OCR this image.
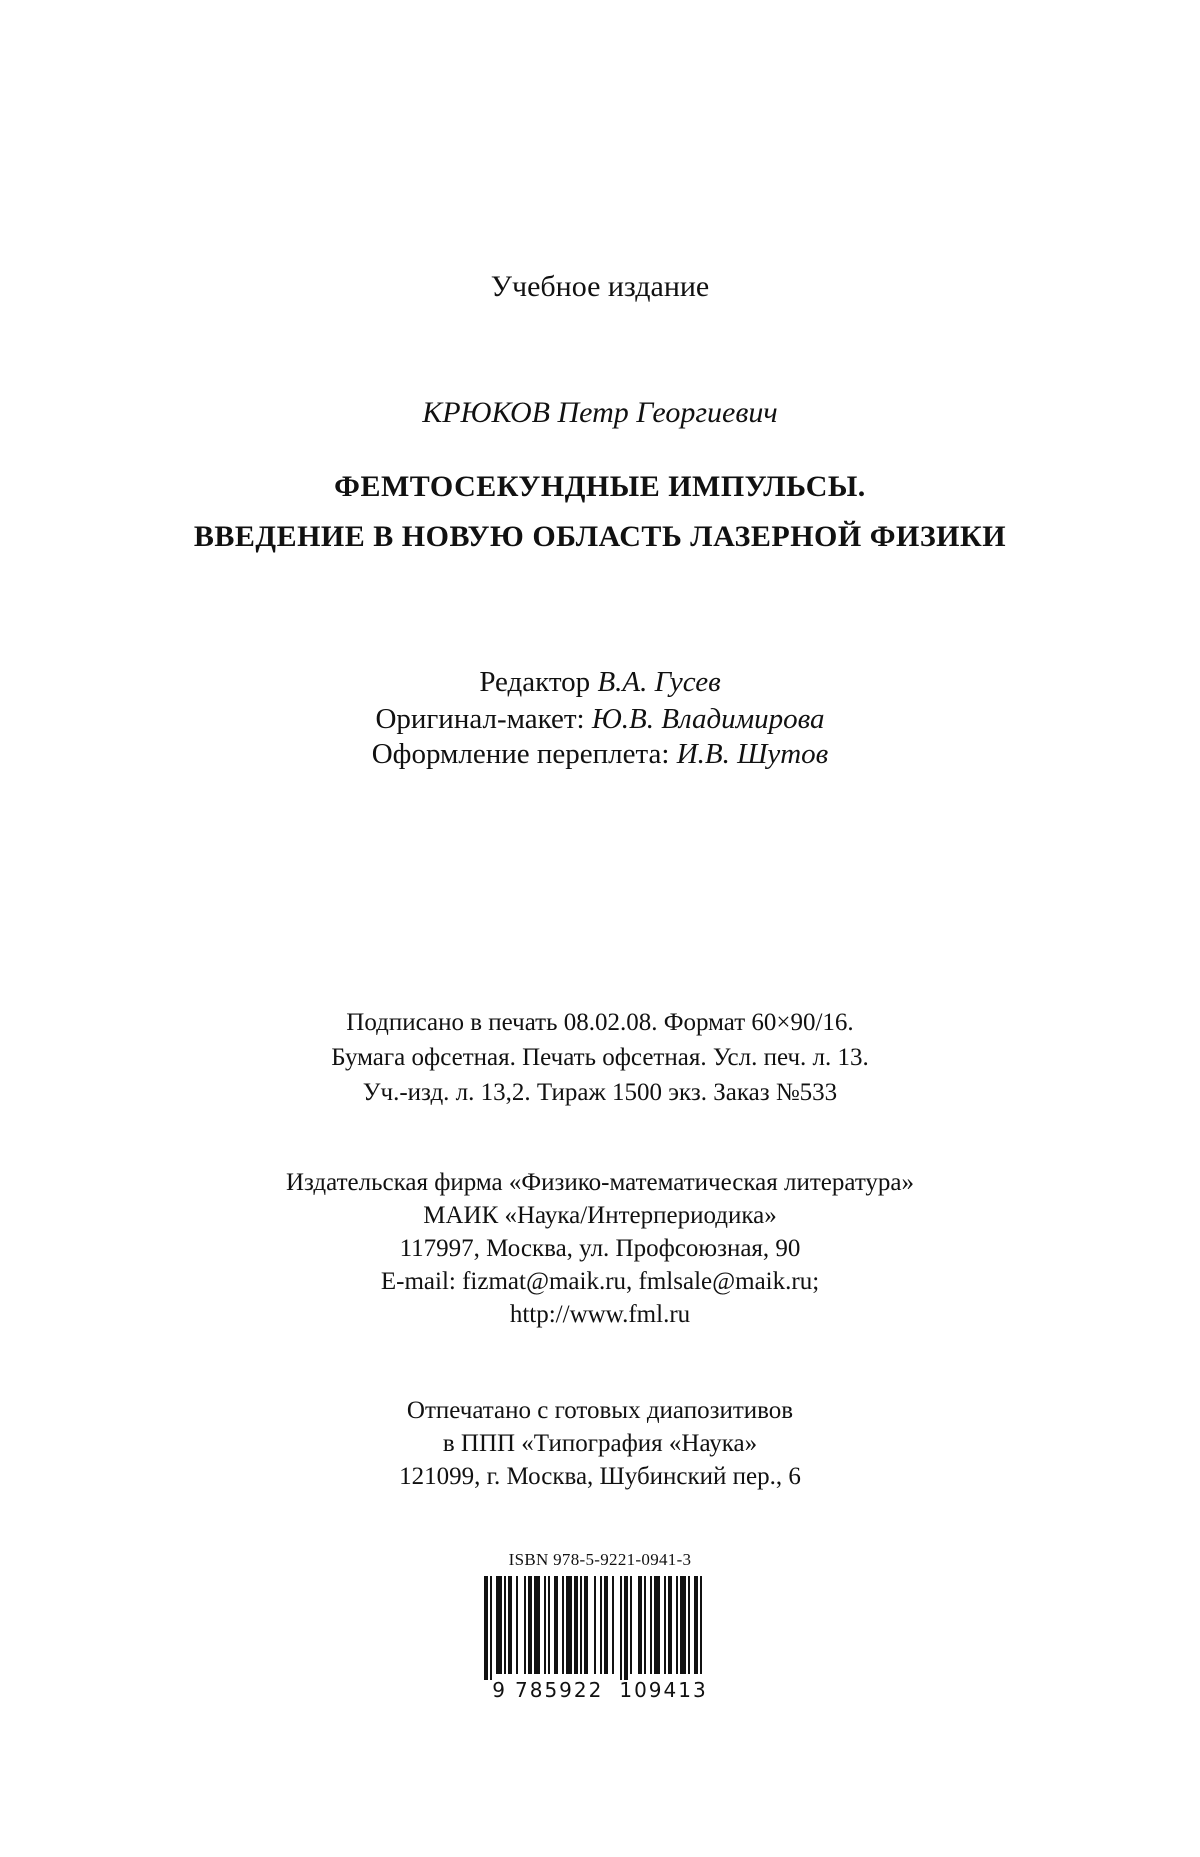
Учебное издание
КРЮКОВ Петр Георгиевич
ФЕМТОСЕКУНДНЫЕ ИМПУЛЬСЫ.
ВВЕДЕНИЕ В НОВУЮ ОБЛАСТЬ ЛАЗЕРНОЙ ФИЗИКИ
Редактор В.А. Гусев
Оригинал-макет: Ю.В. Владимирова
Оформление переплета: И.В. Шутов
Подписано в печать 08.02.08. Формат 60×90/16.
Бумага офсетная. Печать офсетная. Усл. печ. л. 13.
Уч.-изд. л. 13,2. Тираж 1500 экз. Заказ №533
Издательская фирма «Физико-математическая литература»
МАИК «Наука/Интерпериодика»
117997, Москва, ул. Профсоюзная, 90
E-mail: fizmat@maik.ru, fmlsale@maik.ru;
http://www.fml.ru
Отпечатано с готовых диапозитивов
в ППП «Типография «Наука»
121099, г. Москва, Шубинский пер., 6
ISBN 978-5-9221-0941-3
9 785922 109413
